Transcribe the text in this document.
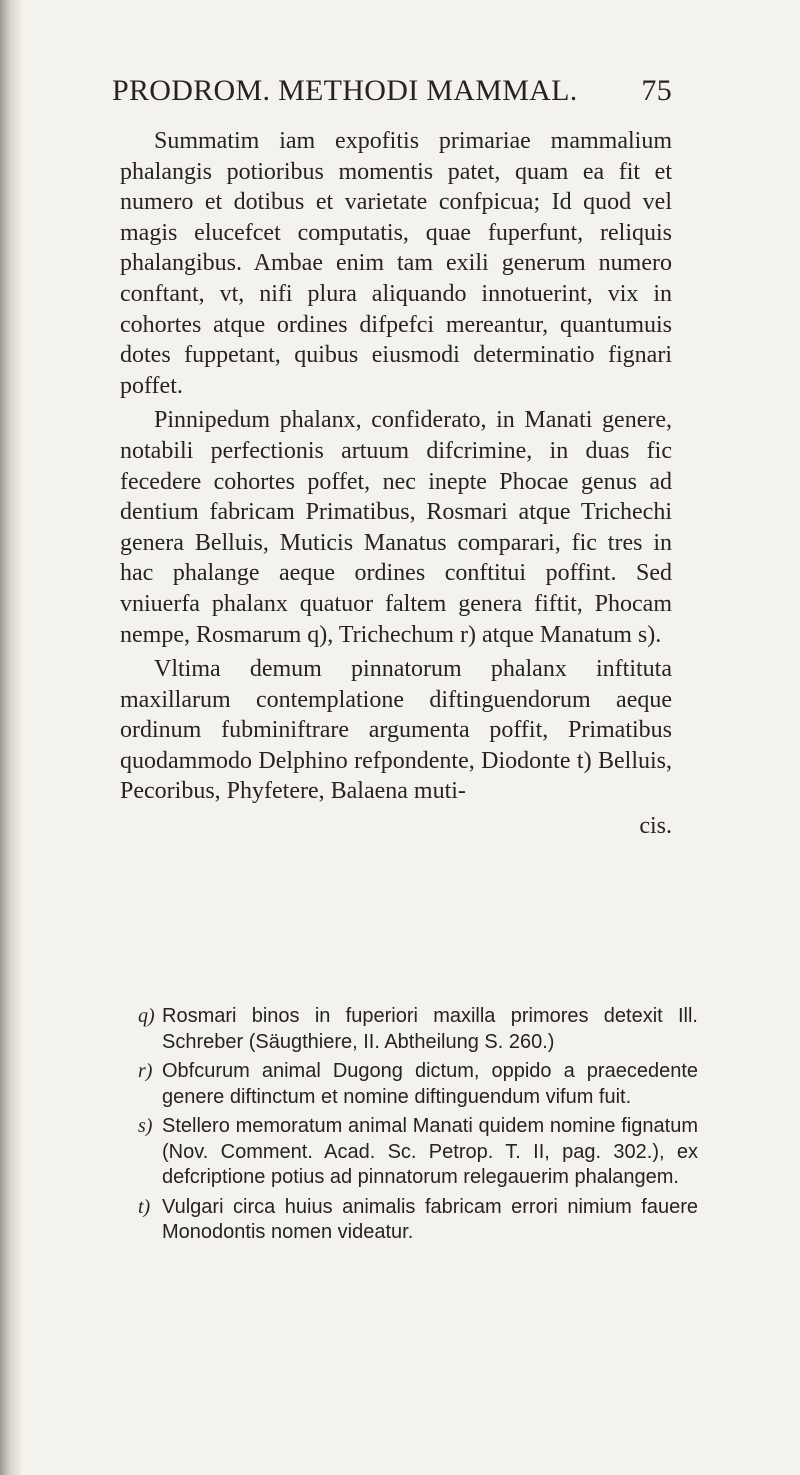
PRODROM. METHODI MAMMAL. 75

Summatim iam expofitis primariae mammalium phalangis potioribus momentis patet, quam ea fit et numero et dotibus et varietate confpicua; Id quod vel magis elucefcet computatis, quae fuperfunt, reliquis phalangibus. Ambae enim tam exili generum numero conftant, vt, nifi plura aliquando innotuerint, vix in cohortes atque ordines difpefci mereantur, quantumuis dotes fuppetant, quibus eiusmodi determinatio fignari poffet.

Pinnipedum phalanx, confiderato, in Manati genere, notabili perfectionis artuum difcrimine, in duas fic fecedere cohortes poffet, nec inepte Phocae genus ad dentium fabricam Primatibus, Rosmari atque Trichechi genera Belluis, Muticis Manatus comparari, fic tres in hac phalange aeque ordines conftitui poffint. Sed vniuerfa phalanx quatuor faltem genera fiftit, Phocam nempe, Rosmarum q), Trichechum r) atque Manatum s).

Vltima demum pinnatorum phalanx inftituta maxillarum contemplatione diftinguendorum aeque ordinum fubminiftrare argumenta poffit, Primatibus quodammodo Delphino refpondente, Diodonte t) Belluis, Pecoribus, Phyfetere, Balaena muti-

cis.

q) Rosmari binos in fuperiori maxilla primores detexit Ill. Schreber (Säugthiere, II. Abtheilung S. 260.)
r) Obfcurum animal Dugong dictum, oppido a praecedente genere diftinctum et nomine diftinguendum vifum fuit.
s) Stellero memoratum animal Manati quidem nomine fignatum (Nov. Comment. Acad. Sc. Petrop. T. II, pag. 302.), ex defcriptione potius ad pinnatorum relegauerim phalangem.
t) Vulgari circa huius animalis fabricam errori nimium fauere Monodontis nomen videatur.
